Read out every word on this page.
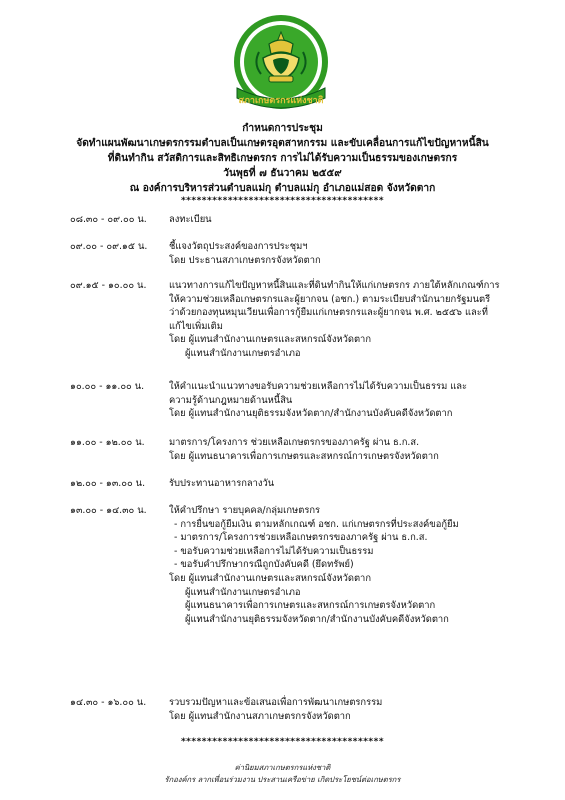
สภาเกษตรกรแห่งชาติ
กำหนดการประชุม
จัดทำแผนพัฒนาเกษตรกรรมตำบลเป็นเกษตรอุตสาหกรรม และขับเคลื่อนการแก้ไขปัญหาหนี้สิน
ที่ดินทำกิน สวัสดิการและสิทธิเกษตรกร การไม่ได้รับความเป็นธรรมของเกษตรกร
วันพุธที่ ๗ ธันวาคม ๒๕๕๙
ณ องค์การบริหารส่วนตำบลแม่กุ ตำบลแม่กุ อำเภอแม่สอด จังหวัดตาก
***************************************
๐๘.๓๐ - ๐๙.๐๐ น.	ลงทะเบียน
๐๙.๐๐ - ๐๙.๑๕ น.	ชี้แจงวัตถุประสงค์ของการประชุมฯ
โดย ประธานสภาเกษตรกรจังหวัดตาก
๐๙.๑๕ - ๑๐.๐๐ น.	แนวทางการแก้ไขปัญหาหนี้สินและที่ดินทำกินให้แก่เกษตรกร ภายใต้หลักเกณฑ์การ
ให้ความช่วยเหลือเกษตรกรและผู้ยากจน (อชก.) ตามระเบียบสำนักนายกรัฐมนตรี
ว่าด้วยกองทุนหมุนเวียนเพื่อการกู้ยืมแก่เกษตรกรและผู้ยากจน พ.ศ. ๒๕๕๖ และที่
แก้ไขเพิ่มเติม
โดย ผู้แทนสำนักงานเกษตรและสหกรณ์จังหวัดตาก
ผู้แทนสำนักงานเกษตรอำเภอ
๑๐.๐๐ - ๑๑.๐๐ น.	ให้คำแนะนำแนวทางขอรับความช่วยเหลือการไม่ได้รับความเป็นธรรม และ
ความรู้ด้านกฎหมายด้านหนี้สิน
โดย ผู้แทนสำนักงานยุติธรรมจังหวัดตาก/สำนักงานบังคับคดีจังหวัดตาก
๑๑.๐๐ - ๑๒.๐๐ น.	มาตรการ/โครงการ ช่วยเหลือเกษตรกรของภาครัฐ ผ่าน ธ.ก.ส.
โดย ผู้แทนธนาคารเพื่อการเกษตรและสหกรณ์การเกษตรจังหวัดตาก
๑๒.๐๐ - ๑๓.๐๐ น.	รับประทานอาหารกลางวัน
๑๓.๐๐ - ๑๔.๓๐ น.	ให้คำปรึกษา รายบุคคล/กลุ่มเกษตรกร
- การยื่นขอกู้ยืมเงิน ตามหลักเกณฑ์ อชก. แก่เกษตรกรที่ประสงค์ขอกู้ยืม
- มาตรการ/โครงการช่วยเหลือเกษตรกรของภาครัฐ ผ่าน ธ.ก.ส.
- ขอรับความช่วยเหลือการไม่ได้รับความเป็นธรรม
- ขอรับคำปรึกษากรณีถูกบังคับคดี (ยึดทรัพย์)
โดย ผู้แทนสำนักงานเกษตรและสหกรณ์จังหวัดตาก
ผู้แทนสำนักงานเกษตรอำเภอ
ผู้แทนธนาคารเพื่อการเกษตรและสหกรณ์การเกษตรจังหวัดตาก
ผู้แทนสำนักงานยุติธรรมจังหวัดตาก/สำนักงานบังคับคดีจังหวัดตาก
๑๔.๓๐ - ๑๖.๐๐ น.	รวบรวมปัญหาและข้อเสนอเพื่อการพัฒนาเกษตรกรรม
โดย ผู้แทนสำนักงานสภาเกษตรกรจังหวัดตาก
***************************************
ค่านิยมสภาเกษตรกรแห่งชาติ
รักองค์กร ลากเพื่อนร่วมงาน ประสานเครือข่าย เกิดประโยชน์ต่อเกษตรกร
